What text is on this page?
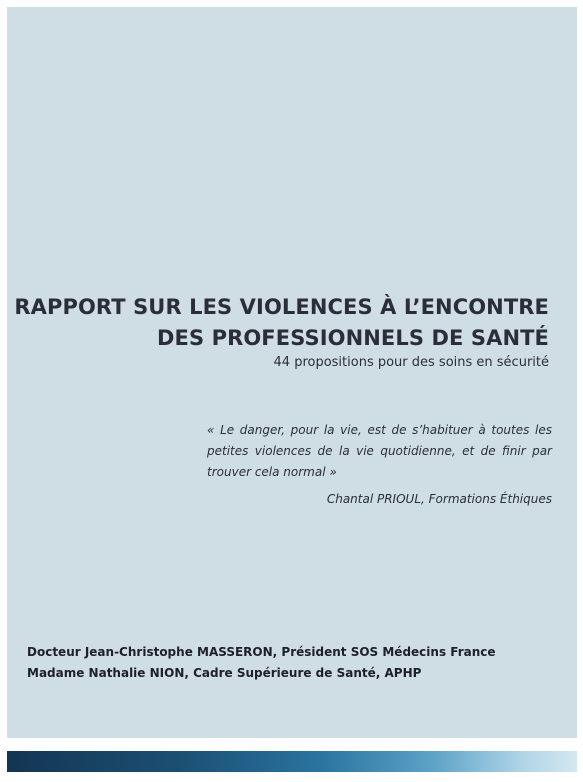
RAPPORT SUR LES VIOLENCES À L’ENCONTRE
DES PROFESSIONNELS DE SANTÉ
44 propositions pour des soins en sécurité

« Le danger, pour la vie, est de s’habituer à toutes les petites violences de la vie quotidienne, et de finir par trouver cela normal »

Chantal PRIOUL, Formations Éthiques
Docteur Jean-Christophe MASSERON, Président SOS Médecins France
Madame Nathalie NION, Cadre Supérieure de Santé, APHP
